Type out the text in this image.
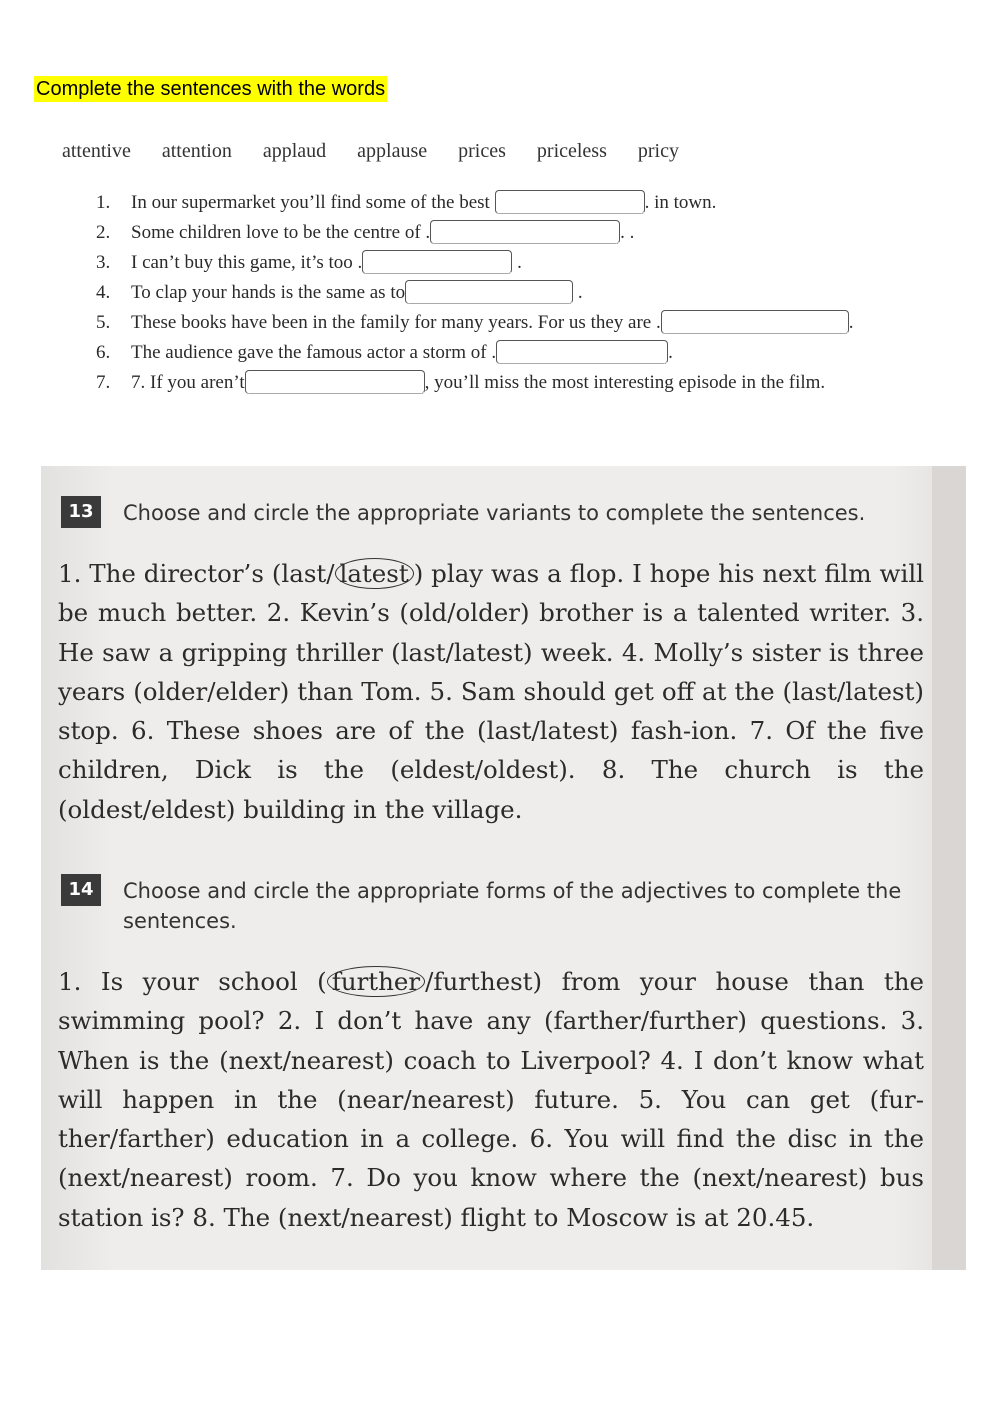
Complete the sentences with the words
attentive attention applaud applause prices priceless pricy
1. In our supermarket you’ll find some of the best	. in town.
2. Some children love to be the centre of .	. .
3. I can’t buy this game, it’s too .	.
4. To clap your hands is the same as to	.
5. These books have been in the family for many years. For us they are .	.
6. The audience gave the famous actor a storm of .	.
7. 7. If you aren’t	, you’ll miss the most interesting episode in the film.
13	Choose and circle the appropriate variants to complete the sentences.
1. The director’s (last/ latest ) play was a flop. I hope his next film will be much better. 2. Kevin’s (old/older) brother is a talented writer. 3. He saw a gripping thriller (last/latest) week. 4. Molly’s sister is three years (older/elder) than Tom. 5. Sam should get off at the (last/latest) stop. 6. These shoes are of the (last/latest) fash-ion. 7. Of the five children, Dick is the (eldest/oldest). 8. The church is the (oldest/eldest) building in the village.
14	Choose and circle the appropriate forms of the adjectives to complete the sentences.
1. Is your school ( further /furthest) from your house than the swimming pool? 2. I don’t have any (farther/further) questions. 3. When is the (next/nearest) coach to Liverpool? 4. I don’t know what will happen in the (near/nearest) future. 5. You can get (fur-ther/farther) education in a college. 6. You will find the disc in the (next/nearest) room. 7. Do you know where the (next/nearest) bus station is? 8. The (next/nearest) flight to Moscow is at 20.45.
